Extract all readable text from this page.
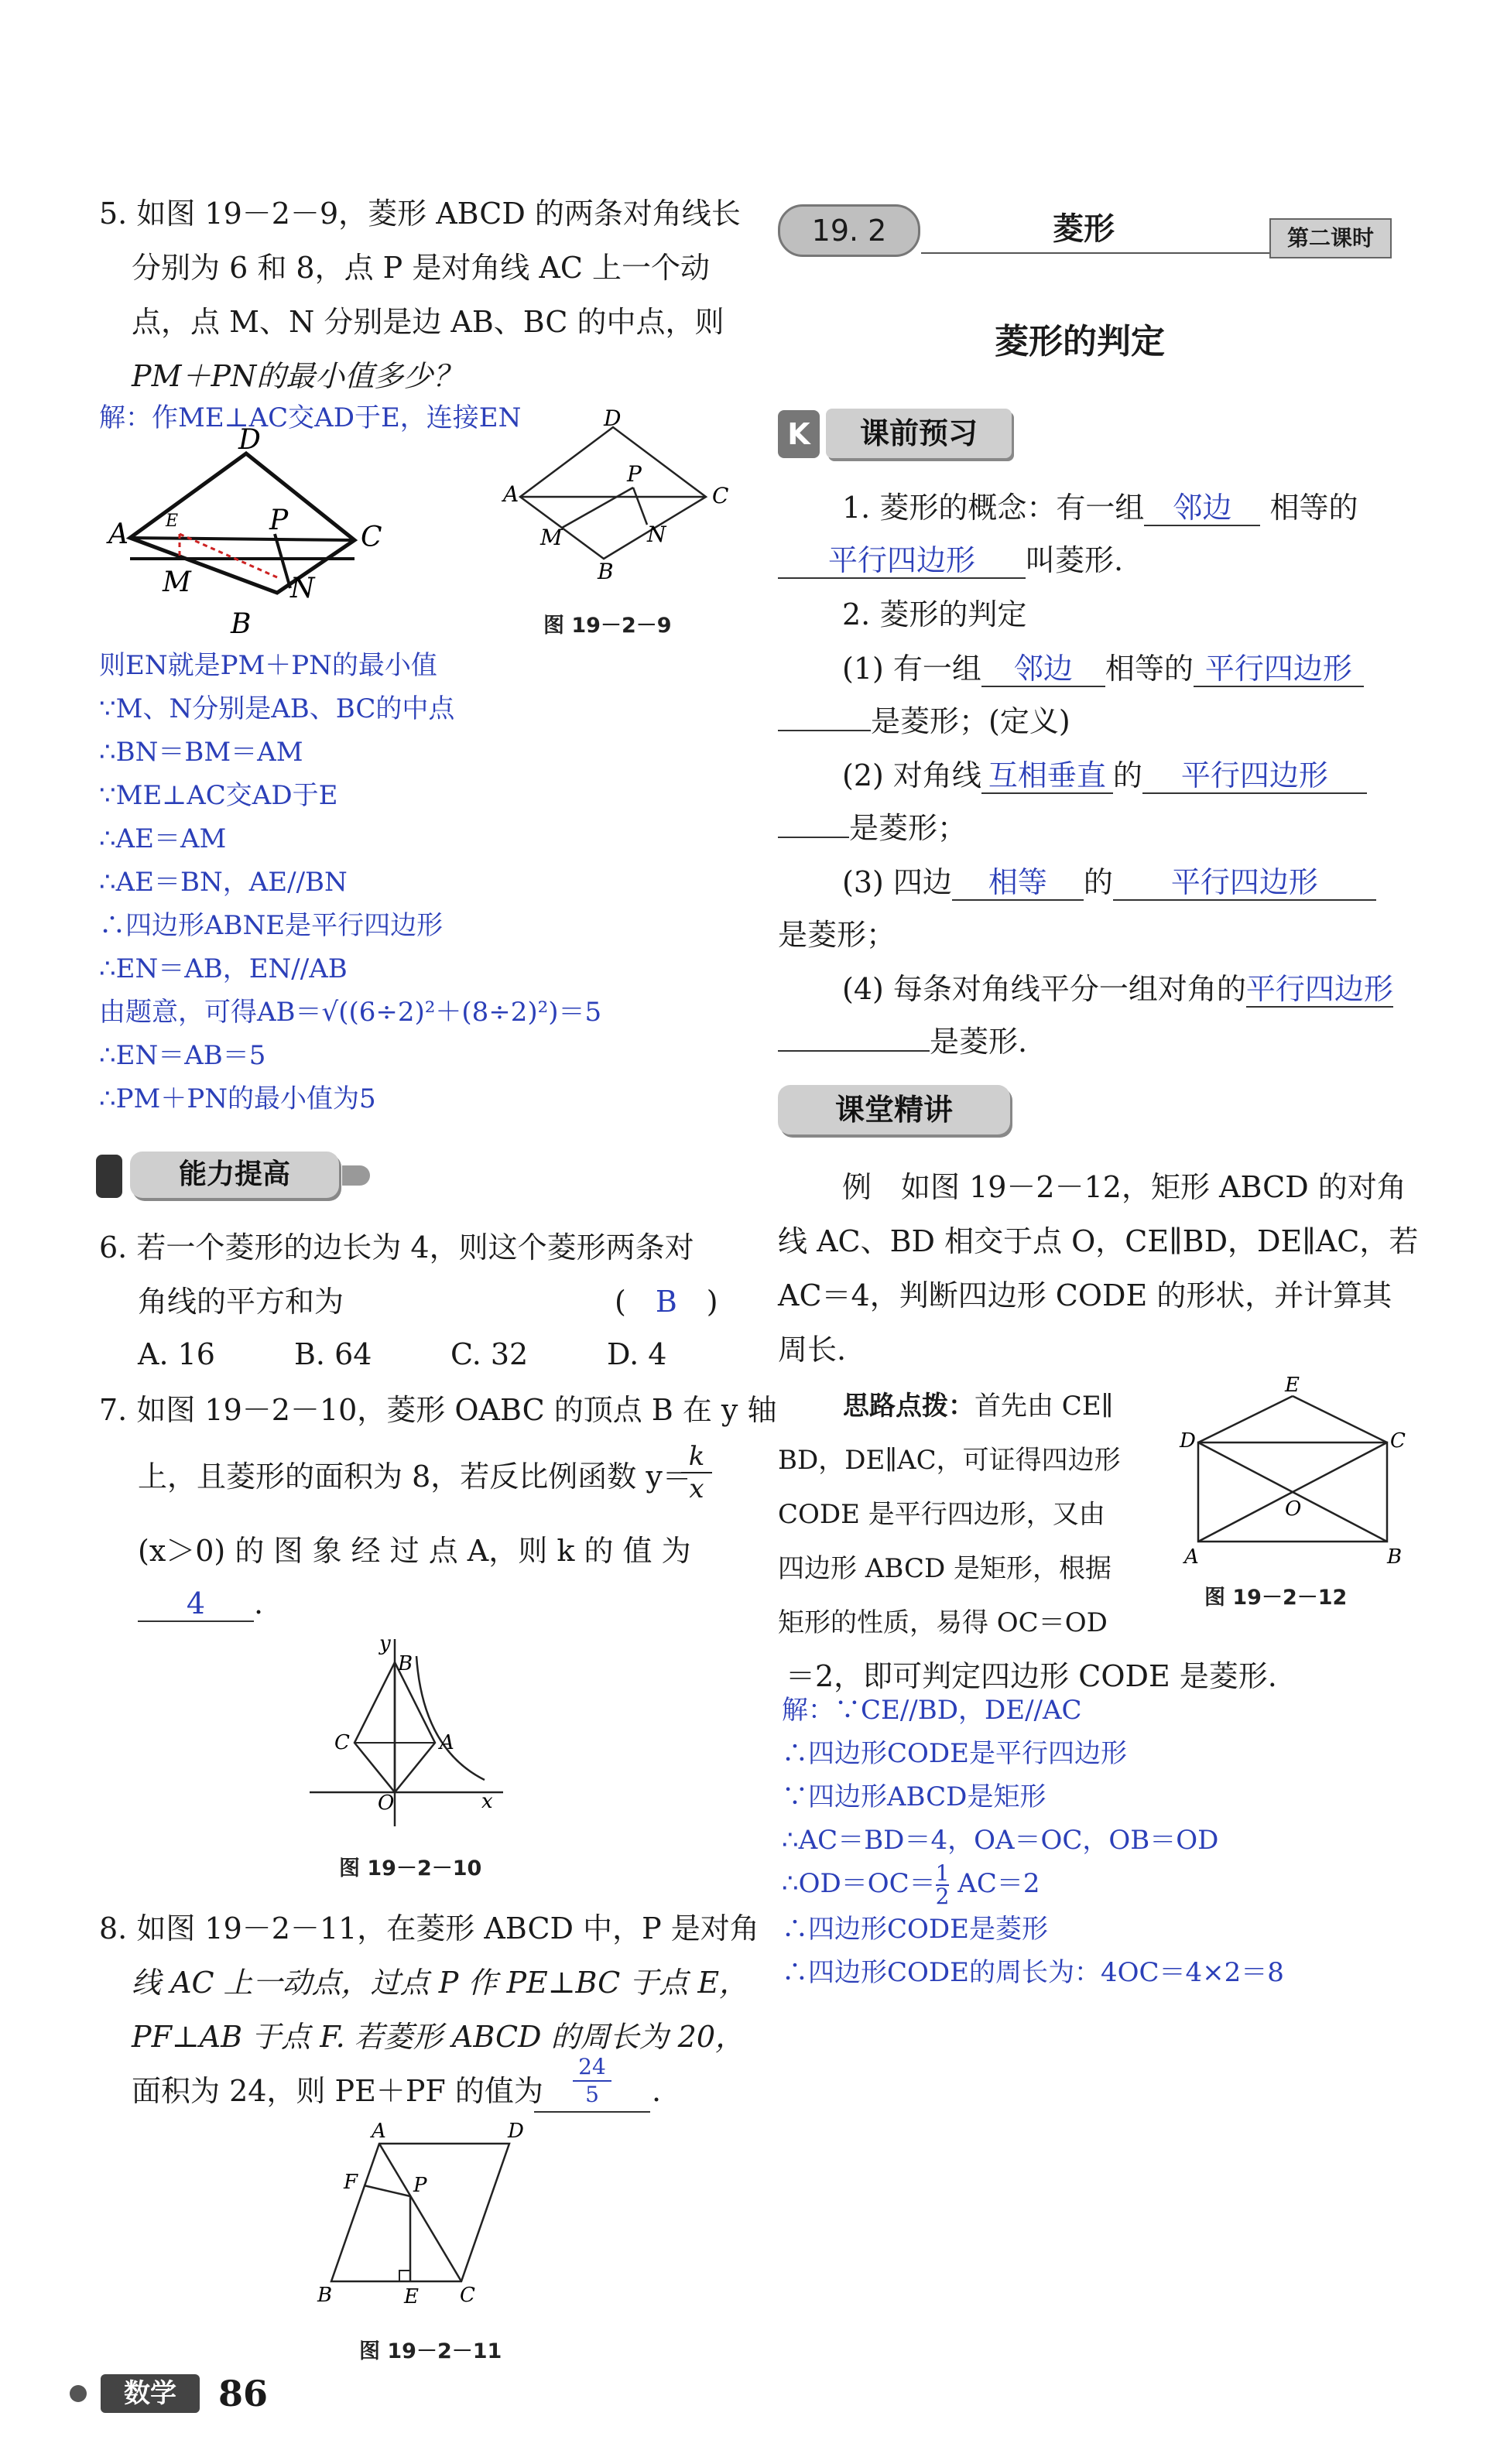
5. 如图 19－2－9，菱形 ABCD 的两条对角线长
分别为 6 和 8，点 P 是对角线 AC 上一个动
点，点 M、N 分别是边 AB、BC 的中点，则
PM＋PN的最小值多少？
解：作ME⊥AC交AD于E，连接EN
A
D
C
B
E
M	N
P
A
D
C
B
M	N
P
图 19－2－9
则EN就是PM＋PN的最小值
∵M、N分别是AB、BC的中点
∴BN＝BM＝AM
∵ME⊥AC交AD于E
∴AE＝AM
∴AE＝BN，AE//BN
∴四边形ABNE是平行四边形
∴EN＝AB，EN//AB
由题意，可得AB＝√((6÷2)²＋(8÷2)²)＝5
∴EN＝AB＝5
∴PM＋PN的最小值为5
能力提高
6. 若一个菱形的边长为 4，则这个菱形两条对
角线的平方和为	(　B　)
A. 16	B. 64	C. 32	D. 4
7. 如图 19－2－10，菱形 OABC 的顶点 B 在 y 轴
上，且菱形的面积为 8，若反比例函数 y＝
k
x
(x＞0) 的 图 象 经 过 点 A，则 k 的 值 为
4 .
y
B
C	A
O	x
图 19－2－10
8. 如图 19－2－11，在菱形 ABCD 中，P 是对角
线 AC 上一动点，过点 P 作 PE⊥BC 于点 E，
PF⊥AB 于点 F. 若菱形 ABCD 的周长为 20，
面积为 24，则 PE＋PF 的值为
24
5	.
A	D
B	C
E
F	P
图 19－2－11
数学	86
19. 2	菱形	第二课时
菱形的判定
K	课前预习
1. 菱形的概念：有一组 邻边 相等的
平行四边形 叫菱形.
2. 菱形的判定
(1) 有一组 邻边 相等的 平行四边形
是菱形；(定义)
(2) 对角线 互相垂直 的 平行四边形
是菱形；
(3) 四边 相等 的 平行四边形
是菱形；
(4) 每条对角线平分一组对角的平行四边形
是菱形.
课堂精讲
例　如图 19－2－12，矩形 ABCD 的对角
线 AC、BD 相交于点 O，CE∥BD，DE∥AC，若
AC＝4，判断四边形 CODE 的形状，并计算其
周长.
思路点拨：首先由 CE∥
BD，DE∥AC，可证得四边形
CODE 是平行四边形，又由
四边形 ABCD 是矩形，根据
矩形的性质，易得 OC＝OD
＝2，即可判定四边形 CODE 是菱形.
E
D	C
A	B
O
图 19－2－12
解：∵CE//BD，DE//AC
∴四边形CODE是平行四边形
∵四边形ABCD是矩形
∴AC＝BD＝4，OA＝OC，OB＝OD
∴OD＝OC＝ $\frac{1}{2} AC=2$
∴四边形CODE是菱形
∴四边形CODE的周长为：4OC＝4×2＝8
